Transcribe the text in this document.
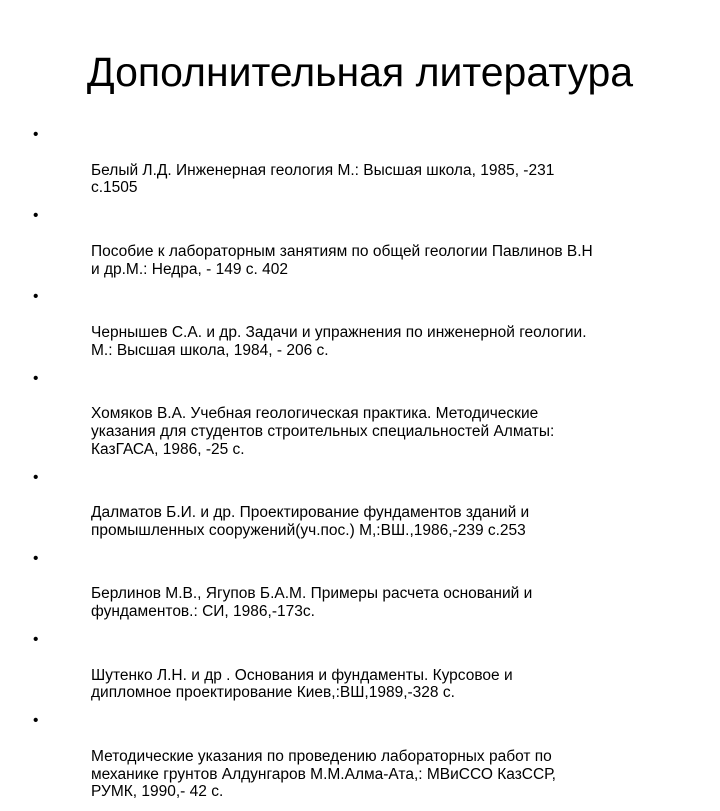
Дополнительная литература

•

Белый Л.Д. Инженерная геология М.: Высшая школа, 1985, -231
с.1505

•

Пособие к лабораторным занятиям по общей геологии Павлинов В.Н
и др.М.: Недра, - 149 с. 402

•

Чернышев С.А. и др. Задачи и упражнения по инженерной геологии.
М.: Высшая школа, 1984, - 206 с.

•

Хомяков В.А. Учебная геологическая практика. Методические
указания для студентов строительных специальностей Алматы:
КазГАСА, 1986, -25 с.

•

Далматов Б.И. и др. Проектирование фундаментов зданий и
промышленных сооружений(уч.пос.) М,:ВШ.,1986,-239 с.253

•

Берлинов М.В., Ягупов Б.А.М. Примеры расчета оснований и
фундаментов.: СИ, 1986,-173с.

•

Шутенко Л.Н. и др . Основания и фундаменты. Курсовое и
дипломное проектирование Киев,:ВШ,1989,-328 с.

•

Методические указания по проведению лабораторных работ по
механике грунтов Алдунгаров М.М.Алма-Ата,: МВиССО КазССР,
РУМК, 1990,- 42 с.
